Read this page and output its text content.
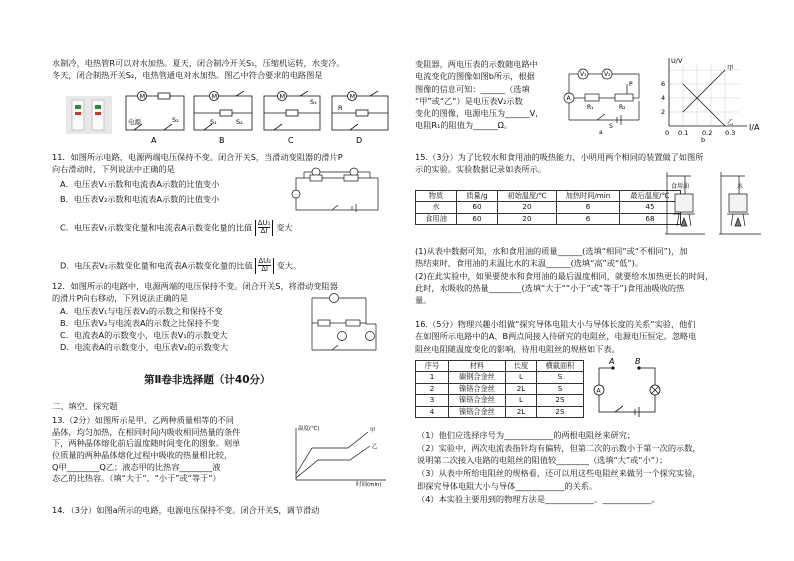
水制冷，电热管R可以对水加热。夏天，闭合制冷开关S₁，压缩机运转，水变冷。
冬天，闭合制热开关S₂，电热管通电对水加热。图乙中符合要求的电路图是
M
电源	S₂
A
M
S₁	S₂
B
M
S₁
C
M
R
D
11．如图所示电路，电源两端电压保持不变。闭合开关S，当滑动变阻器的滑片P
向右滑动时，下列说法中正确的是
A．电压表V₁示数和电流表A示数的比值变小
B．电压表V₂示数和电流表A示数的比值变小
C．电压表V₁示数变化量和电流表A示数变化量的比值 $\frac{\text{ΔU₁}}{\Delta I}$ 变大
D．电压表V₂示数变化量和电流表A示数变化量的比值 $\frac{\text{ΔU₂}}{\Delta I}$ 变大。
12．如图所示的电路中，电源两端的电压保持不变。闭合开关S，将滑动变阻器
的滑片P向右移动，下列说法正确的是
A．电压表V₁与电压表V₂的示数之和保持不变
B．电压表V₂与电流表A的示数之比保持不变
C．电流表A的示数变小，电压表V₁的示数变大
D．电流表A的示数变小，电压表V₂的示数变大
第Ⅱ卷非选择题（计40分）
二、填空、探究题
13.（2分）如图所示是甲、乙两种质量相等的不同
晶体，均匀加热，在相同时间内吸收相同热量的条件
下，两种晶体熔化前后温度随时间变化的图象。则单
位质量的两种晶体熔化过程中吸收的热量相比较，
Q甲________Q乙；液态甲的比热容________液
态乙的比热容。（填“大于”、“小于”或“等于”）
温度(℃)
时间(min)
甲
乙
14．（3分）如图a所示的电路，电源电压保持不变。闭合开关S，调节滑动
变阻器，两电压表的示数随电路中
电流变化的图像如图b所示，根据
图像的信息可知：______（选填
“甲”或“乙”）是电压表V₂示数
变化的图像，电源电压为______V，
电阻R₁的阻值为______Ω。
V₁	V₂
P
R₁	R₂
A
S
a
U/V
I/A
6
4
2
0 0.1 0.2 0.3
甲
乙
b
15.（3分）为了比较水和食用油的吸热能力，小明用两个相同的装置做了如图所
示的实验。实验数据记录如表所示。
物质	质量/g	初始温度/℃	加热时间/min	最后温度/℃
水	60	20	6	45
食用油	60	20	6	68
食用油	水
(1)从表中数据可知，水和食用油的质量______(选填“相同”或“不相同”)，加
热结束时，食用油的末温比水的末温______(选填“高”或“低”)。
(2)在此实验中，如果要使水和食用油的最后温度相同，就要给水加热更长的时间，
此时，水吸收的热量________(选填“大于”“小于”或“等于”)食用油吸收的热
量。
16.（5分）物理兴趣小组做“探究导体电阻大小与导体长度的关系”实验，他们
在如图所示电路中的A、B两点间接入待研究的电阻丝，电源电压恒定。忽略电
阻丝电阻随温度变化的影响，待用电阻丝的规格如下表。
序号	材料	长度	横截面积
1	碳钢合金丝	L	S
2	镍铬合金丝	2L	S
3	镍铬合金丝	L	2S
4	镍铬合金丝	2L	2S
A	B
A
（1）他们应选择序号为____________的两根电阻丝来研究；
（2）实验中，两次电流表指针均有偏转，但第二次的示数小于第一次的示数，
说明第二次接入电路的电阻丝的阻值较________（选填“大”或“小”）；
（3）从表中所给电阻丝的规格看，还可以用这些电阻丝来做另一个探究实验，
即探究导体电阻大小与导体____________的关系。
（4）本实验主要用到的物理方法是____________、____________。
